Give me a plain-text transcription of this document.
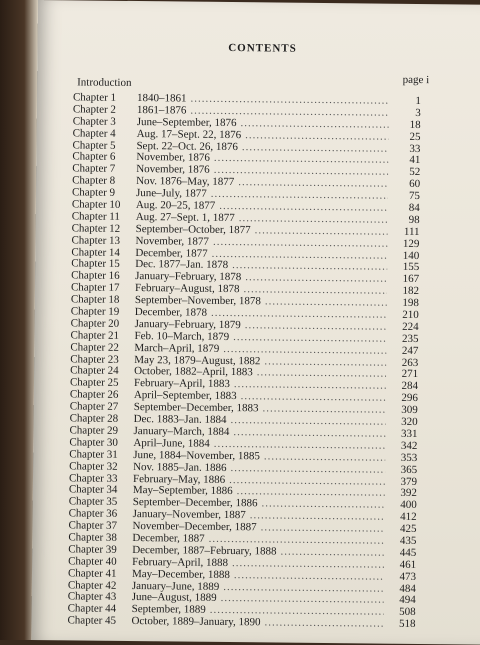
CONTENTS
Introduction	page i
Chapter 1	1840–1861 .....	1
Chapter 2	1861–1876 .....	3
Chapter 3	June–September, 1876 .....	18
Chapter 4	Aug. 17–Sept. 22, 1876 .....	25
Chapter 5	Sept. 22–Oct. 26, 1876 .....	33
Chapter 6	November, 1876 .....	41
Chapter 7	November, 1876 .....	52
Chapter 8	Nov. 1876–May, 1877 .....	60
Chapter 9	June–July, 1877 .....	75
Chapter 10	Aug. 20–25, 1877 .....	84
Chapter 11	Aug. 27–Sept. 1, 1877 .....	98
Chapter 12	September–October, 1877 .....	111
Chapter 13	November, 1877 .....	129
Chapter 14	December, 1877 .....	140
Chapter 15	Dec. 1877–Jan. 1878 .....	155
Chapter 16	January–February, 1878 .....	167
Chapter 17	February–August, 1878 .....	182
Chapter 18	September–November, 1878 .....	198
Chapter 19	December, 1878 .....	210
Chapter 20	January–February, 1879 .....	224
Chapter 21	Feb. 10–March, 1879 .....	235
Chapter 22	March–April, 1879 .....	247
Chapter 23	May 23, 1879–August, 1882 .....	263
Chapter 24	October, 1882–April, 1883 .....	271
Chapter 25	February–April, 1883 .....	284
Chapter 26	April–September, 1883 .....	296
Chapter 27	September–December, 1883 .....	309
Chapter 28	Dec. 1883–Jan. 1884 .....	320
Chapter 29	January–March, 1884 .....	331
Chapter 30	April–June, 1884 .....	342
Chapter 31	June, 1884–November, 1885 .....	353
Chapter 32	Nov. 1885–Jan. 1886 .....	365
Chapter 33	February–May, 1886 .....	379
Chapter 34	May–September, 1886 .....	392
Chapter 35	September–December, 1886 .....	400
Chapter 36	January–November, 1887 .....	412
Chapter 37	November–December, 1887 .....	425
Chapter 38	December, 1887 .....	435
Chapter 39	December, 1887–February, 1888 .....	445
Chapter 40	February–April, 1888 .....	461
Chapter 41	May–December, 1888 .....	473
Chapter 42	January–June, 1889 .....	484
Chapter 43	June–August, 1889 .....	494
Chapter 44	September, 1889 .....	508
Chapter 45	October, 1889–January, 1890 .....	518
